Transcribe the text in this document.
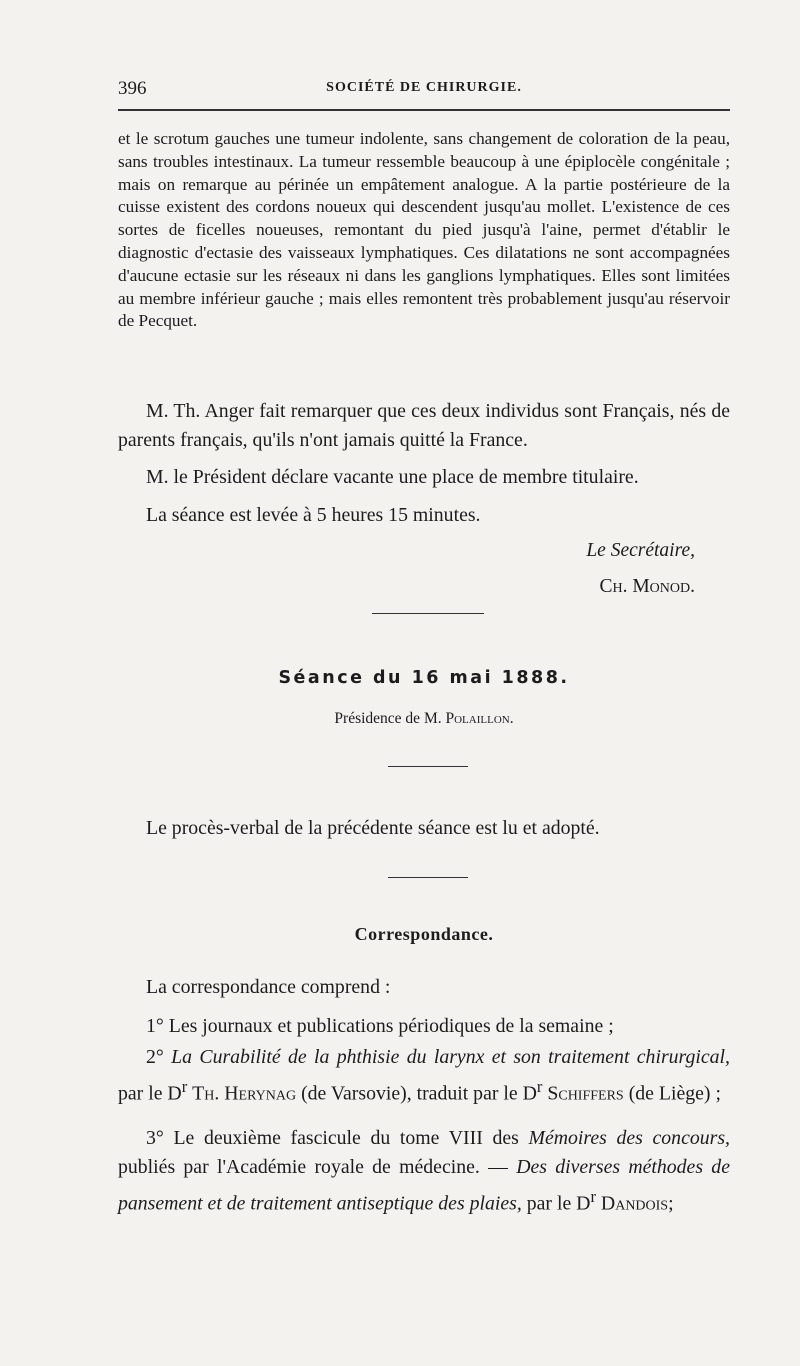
396	SOCIÉTÉ DE CHIRURGIE.

et le scrotum gauches une tumeur indolente, sans changement de coloration de la peau, sans troubles intestinaux. La tumeur ressemble beaucoup à une épiplocèle congénitale ; mais on remarque au périnée un empâtement analogue. A la partie postérieure de la cuisse existent des cordons noueux qui descendent jusqu'au mollet. L'existence de ces sortes de ficelles noueuses, remontant du pied jusqu'à l'aine, permet d'établir le diagnostic d'ectasie des vaisseaux lymphatiques. Ces dilatations ne sont accompagnées d'aucune ectasie sur les réseaux ni dans les ganglions lymphatiques. Elles sont limitées au membre inférieur gauche ; mais elles remontent très probablement jusqu'au réservoir de Pecquet.

M. Th. Anger fait remarquer que ces deux individus sont Français, nés de parents français, qu'ils n'ont jamais quitté la France.

M. le Président déclare vacante une place de membre titulaire.

La séance est levée à 5 heures 15 minutes.

Le Secrétaire,
Ch. Monod.
Séance du 16 mai 1888.
Présidence de M. Polaillon.

Le procès-verbal de la précédente séance est lu et adopté.

Correspondance.

La correspondance comprend :

1° Les journaux et publications périodiques de la semaine ;

2° La Curabilité de la phthisie du larynx et son traitement chirurgical, par le $D^r$ Th. Herynag (de Varsovie), traduit par le $D^r$ Schiffers (de Liège) ;

3° Le deuxième fascicule du tome VIII des Mémoires des concours, publiés par l'Académie royale de médecine. — Des diverses méthodes de pansement et de traitement antiseptique des plaies, par le $D^r$ Dandois;
